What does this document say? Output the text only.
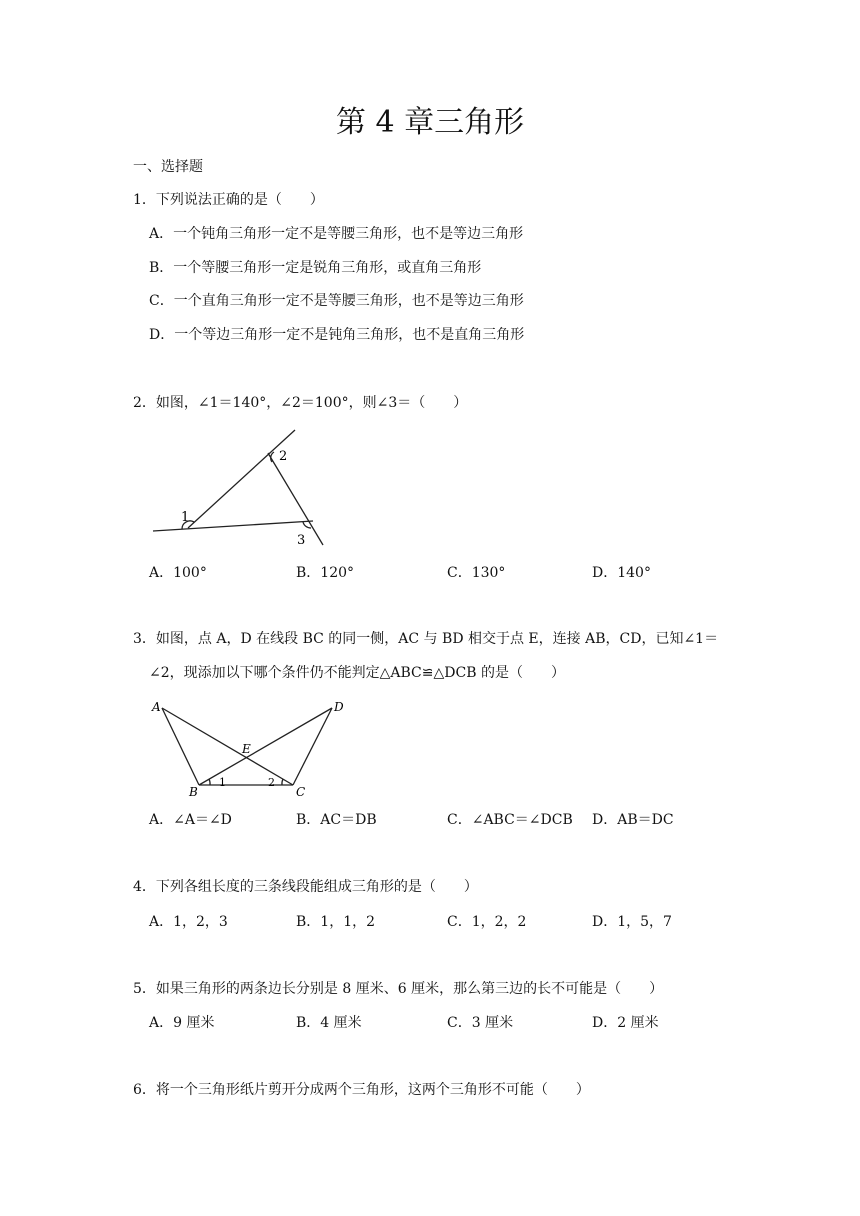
第 4 章三角形
一、选择题
1．下列说法正确的是（　　）
A．一个钝角三角形一定不是等腰三角形，也不是等边三角形
B．一个等腰三角形一定是锐角三角形，或直角三角形
C．一个直角三角形一定不是等腰三角形，也不是等边三角形
D．一个等边三角形一定不是钝角三角形，也不是直角三角形
2．如图，∠1＝140°，∠2＝100°，则∠3＝（　　）
1
2
3
A．100°	B．120°	C．130°	D．140°
3．如图，点 A，D 在线段 BC 的同一侧，AC 与 BD 相交于点 E，连接 AB，CD，已知∠1＝
∠2，现添加以下哪个条件仍不能判定△ABC≌△DCB 的是（　　）
A	D
E
B	C
1	2
A．∠A＝∠D	B．AC＝DB	C．∠ABC＝∠DCB D．AB＝DC
4．下列各组长度的三条线段能组成三角形的是（　　）
A．1，2，3	B．1，1，2	C．1，2，2	D．1，5，7
5．如果三角形的两条边长分别是 8 厘米、6 厘米，那么第三边的长不可能是（　　）
A．9 厘米	B．4 厘米	C．3 厘米	D．2 厘米
6．将一个三角形纸片剪开分成两个三角形，这两个三角形不可能（　　）
